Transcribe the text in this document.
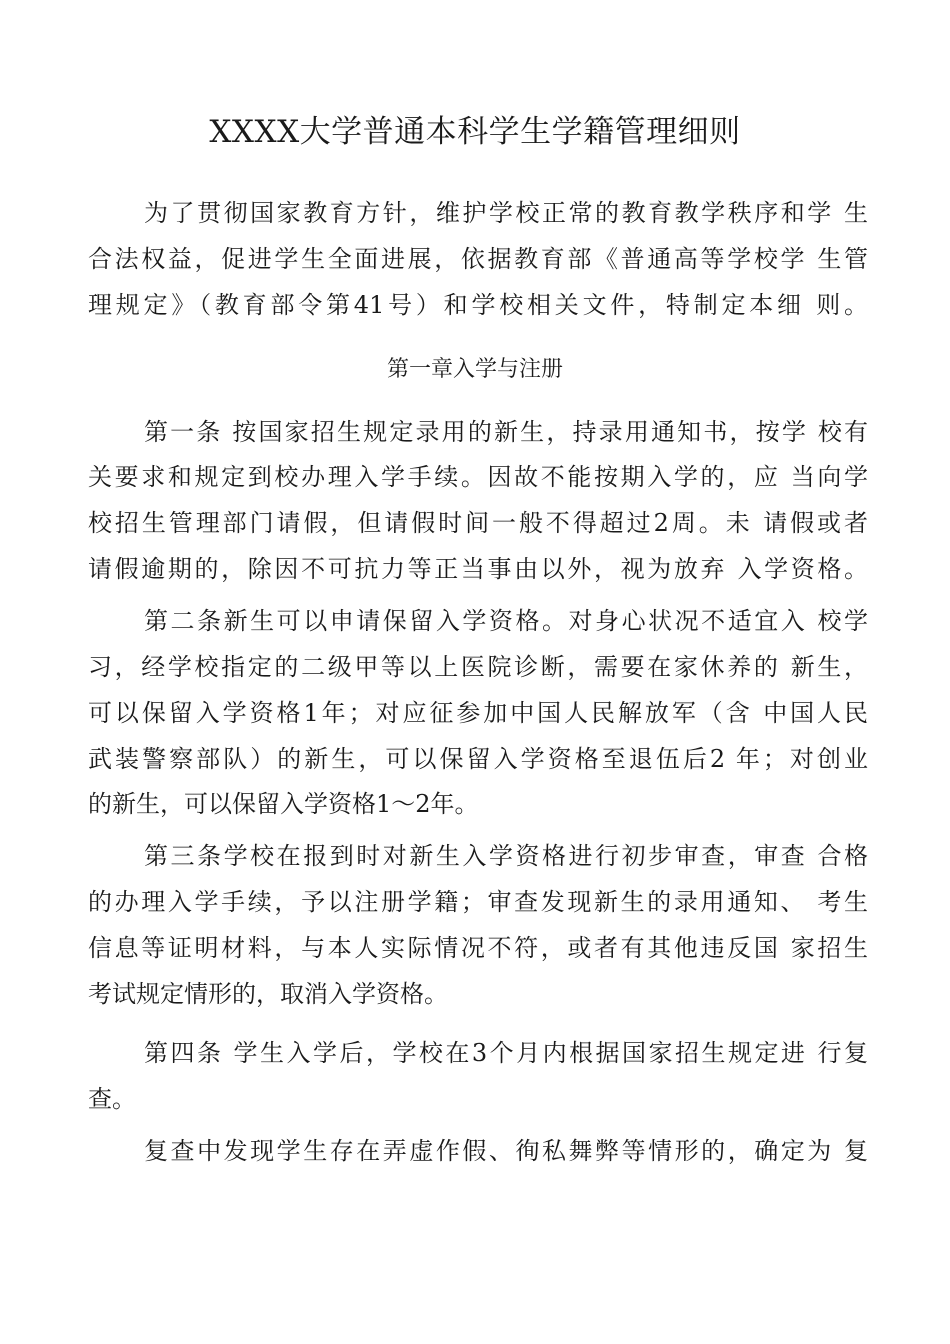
XXXX大学普通本科学生学籍管理细则
为了贯彻国家教育方针，维护学校正常的教育教学秩序和学 生
合法权益，促进学生全面进展，依据教育部《普通高等学校学 生管
理规定》（教育部令第41号）和学校相关文件，特制定本细 则。
第一章入学与注册
第一条 按国家招生规定录用的新生，持录用通知书，按学 校有
关要求和规定到校办理入学手续。因故不能按期入学的，应 当向学
校招生管理部门请假，但请假时间一般不得超过2周。未 请假或者
请假逾期的，除因不可抗力等正当事由以外，视为放弃 入学资格。
第二条新生可以申请保留入学资格。对身心状况不适宜入 校学
习，经学校指定的二级甲等以上医院诊断，需要在家休养的 新生，
可以保留入学资格1年；对应征参加中国人民解放军（含 中国人民
武装警察部队）的新生，可以保留入学资格至退伍后2 年；对创业
的新生，可以保留入学资格1〜2年。
第三条学校在报到时对新生入学资格进行初步审查，审查 合格
的办理入学手续，予以注册学籍；审查发现新生的录用通知、 考生
信息等证明材料，与本人实际情况不符，或者有其他违反国 家招生
考试规定情形的，取消入学资格。
第四条 学生入学后，学校在3个月内根据国家招生规定进 行复
查。
复查中发现学生存在弄虚作假、徇私舞弊等情形的，确定为 复
